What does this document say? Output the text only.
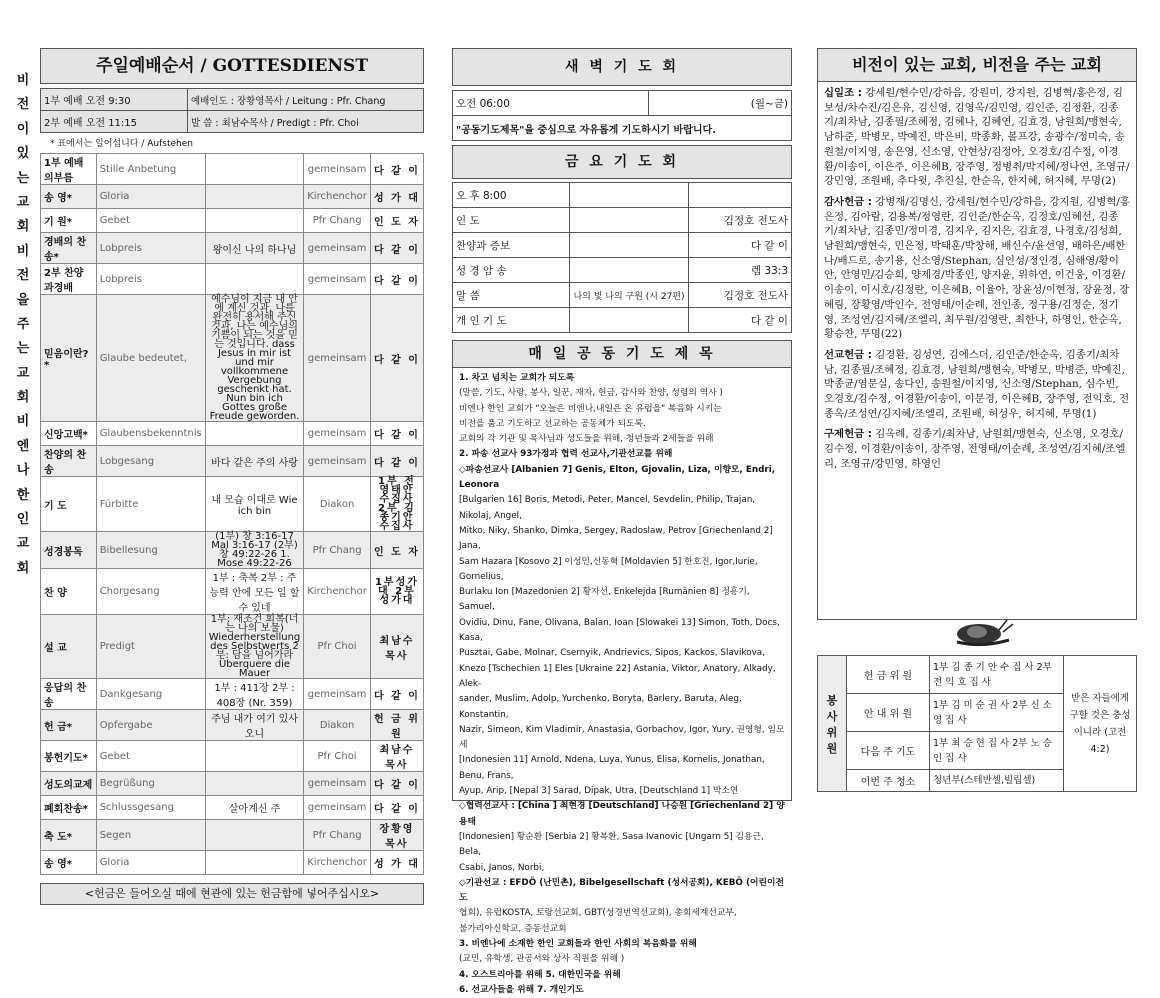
비
전
이
있
는
교
회
비
전
을
주
는
교
회
비
엔
나
한
인
교
회
주일예배순서 / GOTTESDIENST
1부 예배 오전 9:30	예배인도 : 장황영목사 / Leitung : Pfr. Chang
2부 예배 오전 11:15	발 씀 : 최남수목사 / Predigt : Pfr. Choi
* 표에서는 일어섭니다 / Aufstehen
1부 예배의부름	Stille Anbetung		gemeinsam	다 같 이
송 영*	Gloria		Kirchenchor	성 가 대
기 원*	Gebet		Pfr Chang	인 도 자
경배의 찬송*	Lobpreis	왕이신 나의 하나님	gemeinsam	다 같 이
2부 찬양과경배	Lobpreis		gemeinsam	다 같 이
믿음이란?*	Glaube bedeutet,	예수님이 지금 내 안에 계신 것과, 나를 완전히 용서해 주신 것과, 나는 예수님의 기쁨이 되는 것을 믿는 것입니다. dass Jesus in mir ist und mir vollkommene Vergebung geschenkt hat. Nun bin ich Gottes große Freude geworden.	gemeinsam	다 같 이
신앙고백*	Glaubensbekenntnis		gemeinsam	다 같 이
찬양의 찬송	Lobgesang	바다 같은 주의 사랑	gemeinsam	다 같 이
기 도	Fürbitte	내 모습 이대로 Wie ich bin	Diakon	1부 전영태안수집사 2부 김종기안수집사
성경봉독	Bibellesung	(1부) 창 3:16-17 Mal 3:16-17 (2부) 창 49:22-26 1. Mose 49:22-26	Pfr Chang	인 도 자
찬 양	Chorgesang	1부 : 축복 2부 : 주 능력 안에 모든 일 할 수 있네	Kirchenchor	1부성가대 2부성가대
설 교	Predigt	1부: 재조건 회복(너는 나의 보물) Wiederherstellung des Selbstwerts 2부: 담을 넘어가라 Überquere die Mauer	Pfr Choi	최남수목사
응답의 찬송	Dankgesang	1부 : 411장 2부 : 408장 (Nr. 359)	gemeinsam	다 같 이
헌 금*	Opfergabe	주님 내가 여기 있사오니	Diakon	헌 금 위 원
봉헌기도*	Gebet		Pfr Choi	최남수목사
성도의교제	Begrüßung		gemeinsam	다 같 이
폐회찬송*	Schlussgesang	살아계신 주	gemeinsam	다 같 이
축 도*	Segen		Pfr Chang	장황영목사
송 영*	Gloria		Kirchenchor	성 가 대
<헌금은 들어오실 때에 현관에 있는 헌금함에 넣어주십시오>
새 벽 기 도 회
오전 06:00	(월~금)
"공동기도제목"을 중심으로 자유롭게 기도하시기 바랍니다.
금 요 기 도 회
오 후 8:00		
인 도		김정호 전도사
찬양과 증보		다 같 이
성 경 암 송		렘 33:3
말 씀	나의 빛 나의 구원 (시 27편)	김정호 전도사
개 인 기 도		다 같 이
매 일 공 동 기 도 제 목

1. 차고 넘치는 교회가 되도록

(말씀, 기도, 사랑, 봉사, 일꾼, 재자, 헌금, 감사와 찬양, 성령의 역사 )

비엔나 한인 교회가 "오늘은 비엔나,내일은 온 유럽을" 복음화 시키는

비전을 품고 기도하고 선교하는 공동체가 되도록.

교회의 각 기관 및 목사님과 성도들을 위해, 청년들과 2세들을 위해

2. 파송 선교사 93가정과 협력 선교사,기관선교를 위해

◇파송선교사 [Albanien 7] Genis, Elton, Gjovalin, Liza, 이향모, Endri, Leonora

[Bulgarien 16] Boris, Metodi, Peter, Mancel, Sevdelin, Philip, Trajan, Nikolaj, Angel,

Mitko, Niky, Shanko, Dimka, Sergey, Radoslaw, Petrov [Griechenland 2] Jana,

Sam Hazara [Kosovo 2] 이성민,신동혁 [Moldavien 5] 한호진, Igor,Iurie, Gornelius,

Burlaku Ion [Mazedonien 2] 황자선, Enkelejda [Rumänien 8] 정흥기, Samuel,

Ovidiu, Dinu, Fane, Olivana, Balan, Ioan [Slowakei 13] Simon, Toth, Docs, Kasa,

Pusztai, Gabe, Molnar, Csernyik, Andrievics, Sipos, Kackos, Slavikova,

Knezo [Tschechien 1] Eles [Ukraine 22] Astania, Viktor, Anatory, Alkady, Alek-

sander, Muslim, Adolp, Yurchenko, Boryta, Barlery, Baruta, Aleg, Konstantin,

Nazir, Simeon, Kim Vladimir, Anastasia, Gorbachov, Igor, Yury, 권영형, 임모세

[Indonesien 11] Arnold, Ndena, Luya, Yunus, Elisa, Kornelis, Jonathan, Benu, Frans,

Ayup, Arip, [Nepal 3] Sarad, Dipak, Utra, [Deutschland 1] 박소연

◇협력선교사 : [China ] 최현경 [Deutschland] 나승원 [Griechenland 2] 양용태

[Indonesien] 황순환 [Serbia 2] 황복환, Sasa Ivanovic [Ungarn 5] 김용근, Bela,

Csabi, Janos, Norbi,

◇기관선교 : EFDÖ (난민촌), Bibelgesellschaft (성서공회), KEBÖ (어린이전도

협회), 유럽KOSTA, 토랑선교회, GBT(성경번역선교회), 총회세계선교부,

불가리아신학교, 증동선교회

3. 비엔나에 소재한 한인 교회들과 한인 사회의 복음화를 위해

(교민, 유학생, 관공서와 상사 직원을 위해 )

4. 오스트리아를 위해 5. 대한민국을 위해

6. 선교사들을 위해 7. 개인기도

비전이 있는 교회, 비전을 주는 교회

십일조 : 강세원/현수민/강하음, 강원미, 강지원, 김병혁/홍은정, 김보성/차수진/김은유, 김신영, 김영옥/김민영, 김인준, 김정환, 김종기/최차남, 김종필/조혜정, 김혜나, 김혜연, 김효경, 남원희/맹현숙, 남하준, 박병모, 박예진, 박은비, 박종화, 볼프강, 송광수/정미숙, 송원철/이지영, 송은영, 신소영, 안현상/김정아, 오경호/김수정, 이경환/이송이, 이은주, 이은혜B, 장주영, 정병취/박지혜/정나연, 조영규/강민영, 조원배, 추다윗, 추진실, 한순옥, 한지혜, 허지혜, 무명(2)

감사헌금 : 강병재/김명신, 강세원/현수민/강하음, 강지원, 김병혁/홍은정, 김아람, 김용복/정영란, 김인준/한순옥, 김정호/임혜선, 김종기/최차남, 김종민/정미경, 김지우, 김지은, 김효경, 나경호/김성희, 남원희/맹현숙, 민은정, 박태훈/박창해, 배신수/윤선영, 배하은/배한나/배드로, 송기용, 신소영/Stephan, 심인성/정인경, 심해영/황이안, 안영민/김승희, 양제경/박종인, 양지윤, 위하연, 이건웅, 이경환/이송이, 이시호/김정란, 이은혜B, 이율아, 장윤성/이현정, 장윤정, 장혜림, 장황영/박인수, 전영태/이순례, 전인종, 정구용/김정순, 정기영, 조성연/김지혜/조엘리, 최두원/김영란, 최한나, 하영인, 한순옥, 황승찬, 무명(22)

선교헌금 : 김경환, 김성연, 김에스더, 김인준/한순옥, 김종기/최차남, 김종필/조혜정, 김효경, 남원희/맹현숙, 박병모, 박병준, 박예진, 박종균/염문실, 송다인, 송원철/이지영, 신소영/Stephan, 심수빈, 오경호/김수정, 이경환/이송이, 이문경, 이은혜B, 장주영, 전익호, 전종옥/조성연/김지혜/조엘리, 조원배, 허성우, 허지혜, 무명(1)

구제헌금 : 김옥례, 김종기/최차남, 남원희/맹현숙, 신소영, 오경호/김수정, 이경환/이송이, 장주영, 전영태/이순례, 조성연/김지혜/조엘리, 조영규/강민영, 하영인

봉 사 위 원	헌 금 위 원	1부 김 종 기 안 수 집 사 2부 전 익 호 집 사	받은 자들에게 구할 것은 충성이니라 (고전4:2)
	안 내 위 원	1부 김 미 순 권 사 2부 신 소 영 집 사	
	다음 주 기도	1부 최 승 현 집 사 2부 노 승 인 집 사	
	이번 주 청소	청년부(스테반셀,빌립셀)	
